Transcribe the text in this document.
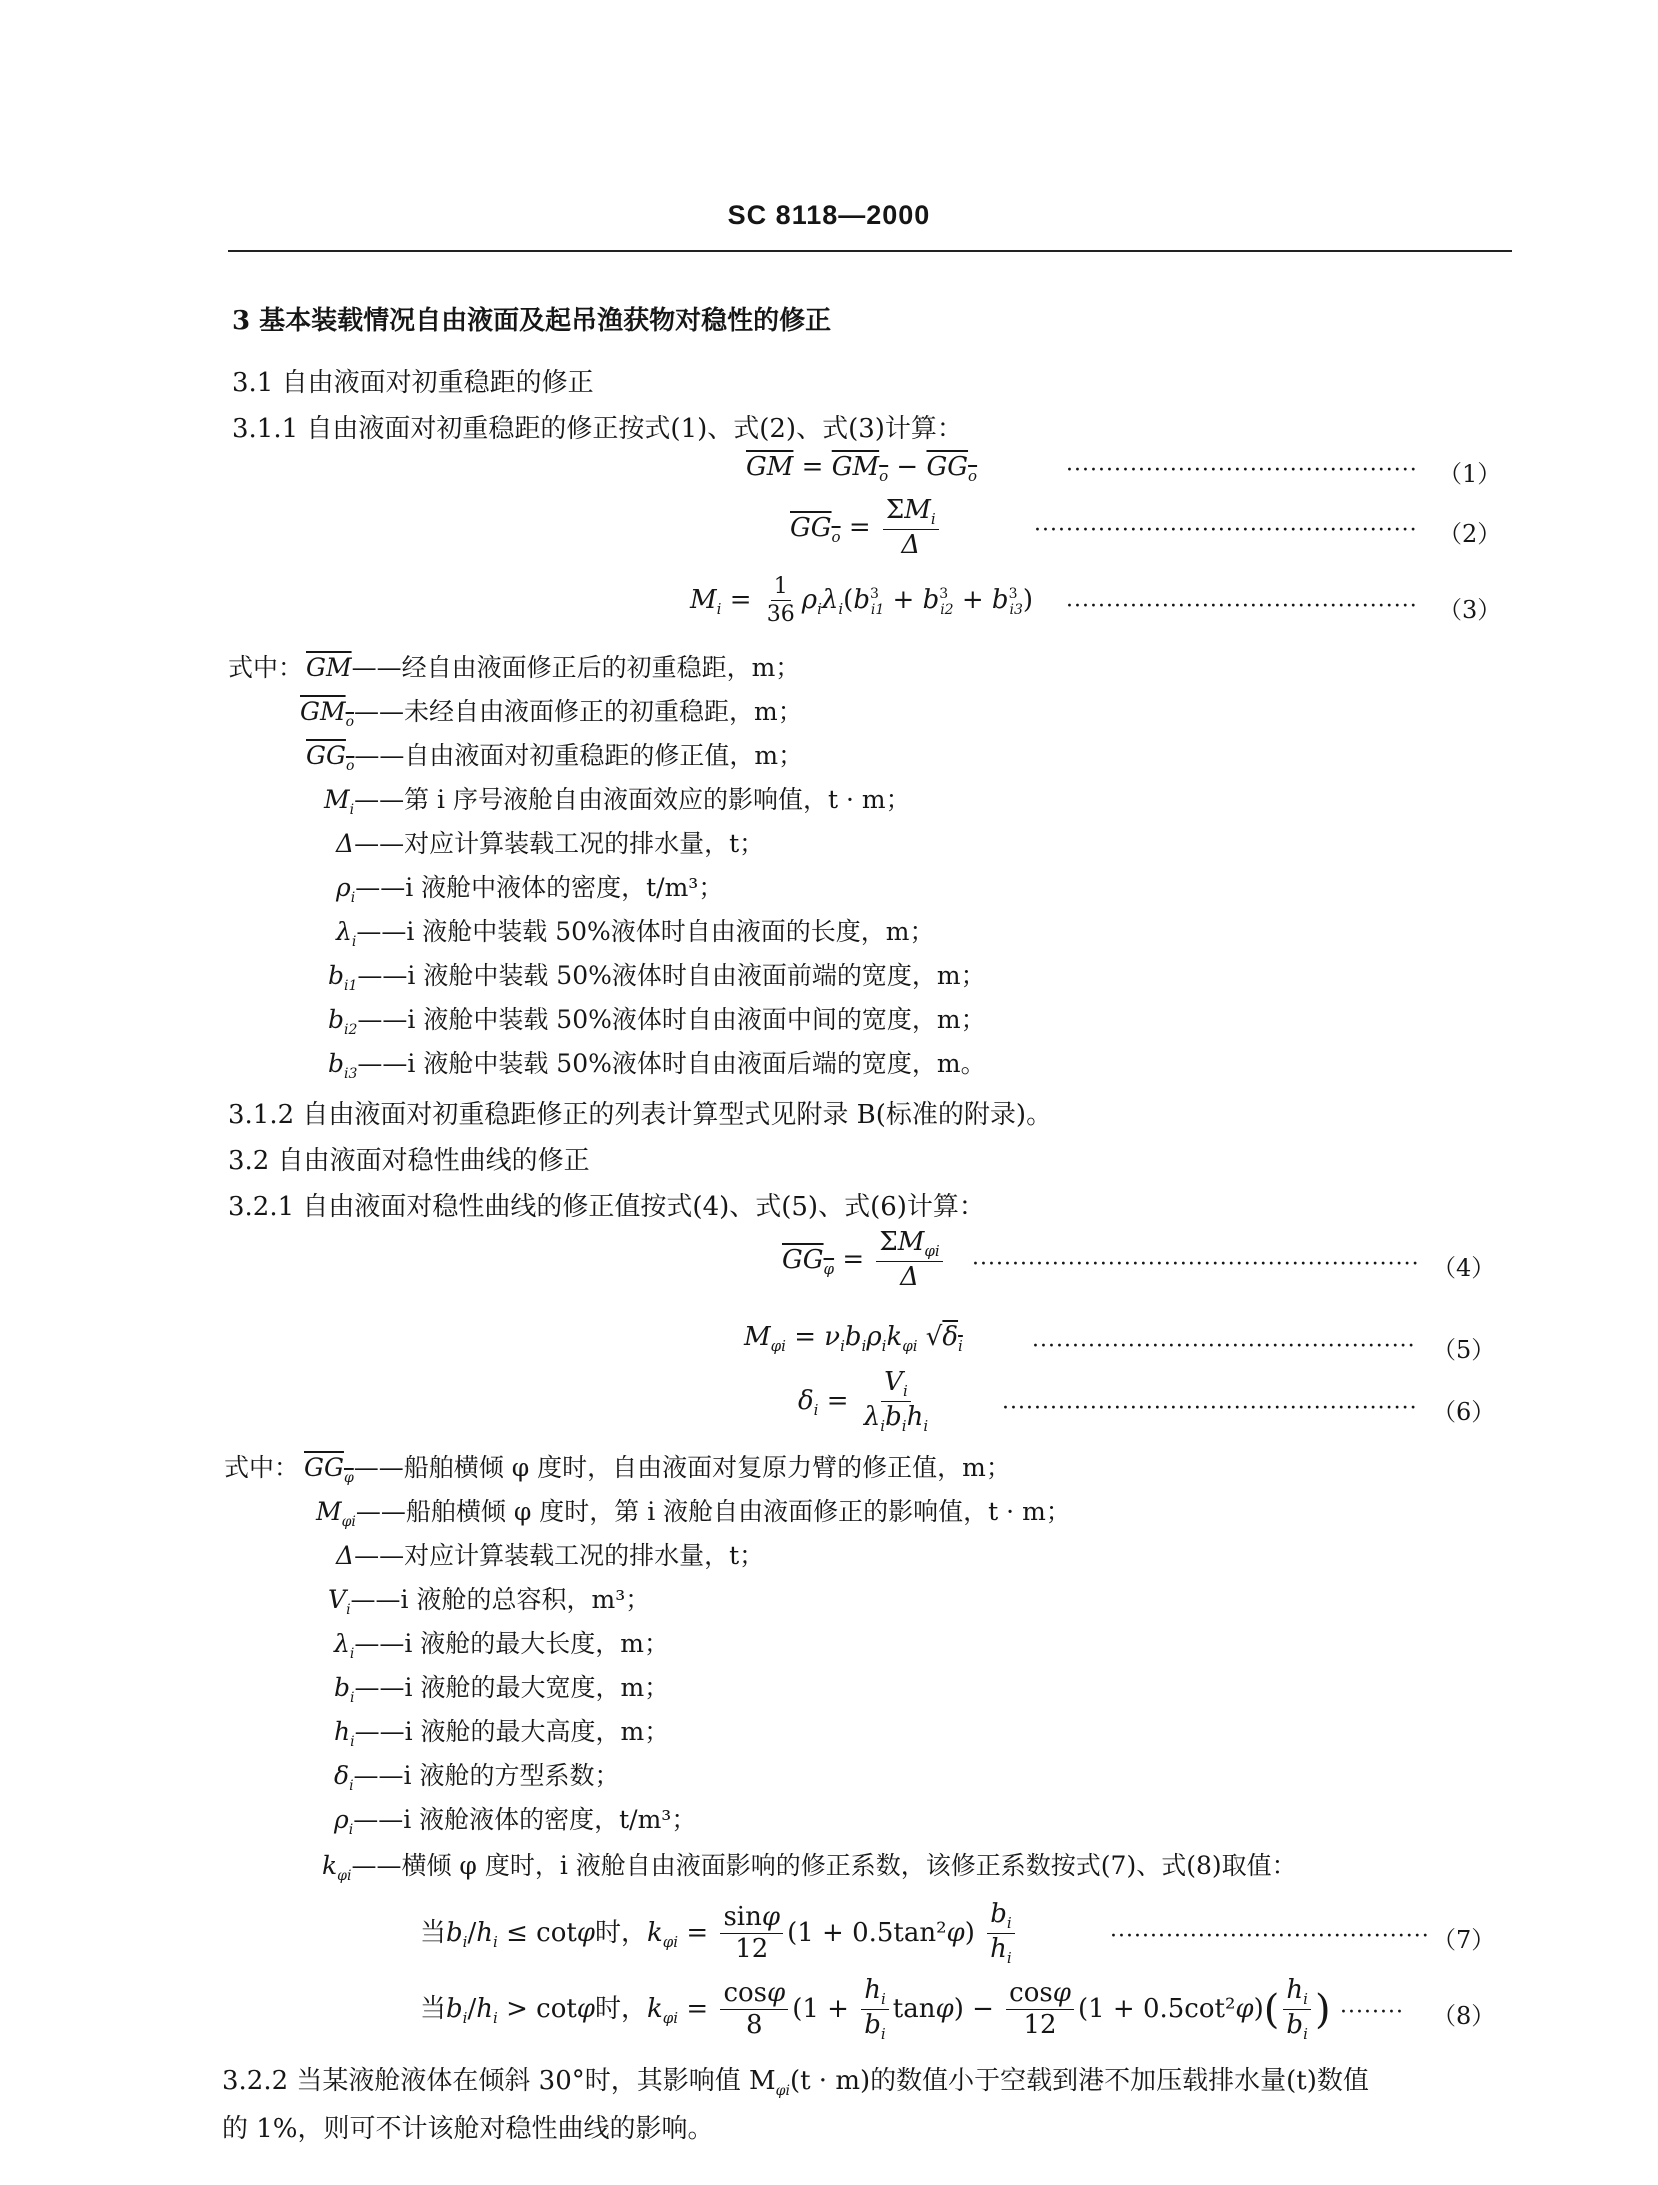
SC 8118—2000
3 基本装载情况自由液面及起吊渔获物对稳性的修正
3.1 自由液面对初重稳距的修正
3.1.1 自由液面对初重稳距的修正按式(1)、式(2)、式(3)计算：
$\overline{GM} = GM_o - GG_o$	············································ （1）
$GG_o = \frac{\Sigma M_i}{\Delta}$	················································ （2）
$M_i = \frac{1}{36} \rho_i\lambda_i(b^3_{i1} + b^3_{i2} + b^3_{i3})$ ············································ （3）
式中： $\overline{GM}——$经自由液面修正后的初重稳距，m；
$GM_o——$未经自由液面修正的初重稳距，m；
$GG_o——$自由液面对初重稳距的修正值，m；
$M_i——$第 i 序号液舱自由液面效应的影响值，t · m；
Δ——对应计算装载工况的排水量，t；
$\rho_i——i$ 液舱中液体的密度，t/m³；
$\lambda_i——i$ 液舱中装载 50%液体时自由液面的长度，m；
$b_{i1}——i$ 液舱中装载 50%液体时自由液面前端的宽度，m；
$b_{i2}——i$ 液舱中装载 50%液体时自由液面中间的宽度，m；
$b_{i3}——i$ 液舱中装载 50%液体时自由液面后端的宽度，m。
3.1.2 自由液面对初重稳距修正的列表计算型式见附录 B(标准的附录)。
3.2 自由液面对稳性曲线的修正
3.2.1 自由液面对稳性曲线的修正值按式(4)、式(5)、式(6)计算：
$GG_\varphi = \frac{\Sigma M_{\varphi i}}{\Delta}$ ························································ （4）
$M_{\varphi i} = \nu_ib_i\rho_ik_{\varphi i}$ $√\delta_i$	················································ （5）
$\delta_i = \frac{V_i}{\lambda_ib_ih_i}$	···················································· （6）
式中： $GG_\varphi——$船舶横倾 φ 度时，自由液面对复原力臂的修正值，m；
$M_{\varphi i}——$船舶横倾 φ 度时，第 i 液舱自由液面修正的影响值，t · m；
Δ——对应计算装载工况的排水量，t；
$V_i——i$ 液舱的总容积，m³；
$\lambda_i——i$ 液舱的最大长度，m；
$b_i——i$ 液舱的最大宽度，m；
$h_i——i$ 液舱的最大高度，m；
$\delta_i——i$ 液舱的方型系数；
$\rho_i——i$ 液舱液体的密度，t/m³；
$k_{\varphi i}——$横倾 φ 度时，i 液舱自由液面影响的修正系数，该修正系数按式(7)、式(8)取值：
当$b_i/h_i \le \cot\varphi$时，$k_{\varphi i} = \frac{\sin\varphi}{12} (1 + 0.5\tan^2\varphi) \frac{b_i}{h_i}$	········································ （7）
当$b_i/h_i > \cot\varphi$时，$k_{\varphi i} = \frac{\cos\varphi}{8} (1 + \frac{h_i}{b_i} \tan\varphi) - \frac{\cos\varphi}{12} (1 + 0.5\cot^2\varphi)( \frac{h_i}{b_i}$ ) ········ （8）
3.2.2 当某液舱液体在倾斜 30°时，其影响值 $M_{\varphi i}(t \cdot m)$的数值小于空载到港不加压载排水量(t)数值
的 1%，则可不计该舱对稳性曲线的影响。
